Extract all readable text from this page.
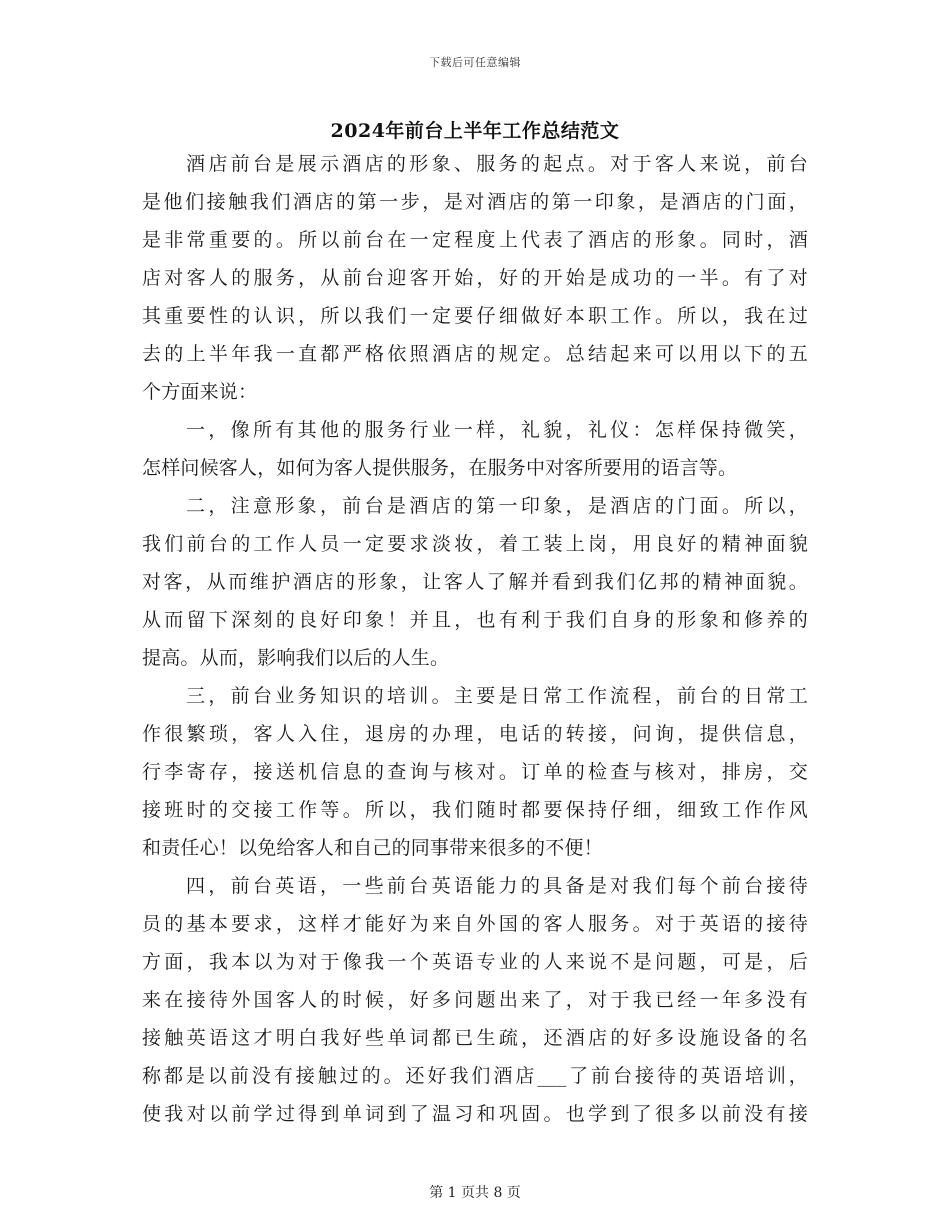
下载后可任意编辑
2024年前台上半年工作总结范文
酒店前台是展示酒店的形象、服务的起点。对于客人来说，前台
是他们接触我们酒店的第一步，是对酒店的第一印象，是酒店的门面，
是非常重要的。所以前台在一定程度上代表了酒店的形象。同时，酒
店对客人的服务，从前台迎客开始，好的开始是成功的一半。有了对
其重要性的认识，所以我们一定要仔细做好本职工作。所以，我在过
去的上半年我一直都严格依照酒店的规定。总结起来可以用以下的五
个方面来说：
一，像所有其他的服务行业一样，礼貌，礼仪：怎样保持微笑，
怎样问候客人，如何为客人提供服务，在服务中对客所要用的语言等。
二，注意形象，前台是酒店的第一印象，是酒店的门面。所以，
我们前台的工作人员一定要求淡妆，着工装上岗，用良好的精神面貌
对客，从而维护酒店的形象，让客人了解并看到我们亿邦的精神面貌。
从而留下深刻的良好印象！并且，也有利于我们自身的形象和修养的
提高。从而，影响我们以后的人生。
三，前台业务知识的培训。主要是日常工作流程，前台的日常工
作很繁琐，客人入住，退房的办理，电话的转接，问询，提供信息，
行李寄存，接送机信息的查询与核对。订单的检查与核对，排房，交
接班时的交接工作等。所以，我们随时都要保持仔细，细致工作作风
和责任心！以免给客人和自己的同事带来很多的不便！
四，前台英语，一些前台英语能力的具备是对我们每个前台接待
员的基本要求，这样才能好为来自外国的客人服务。对于英语的接待
方面，我本以为对于像我一个英语专业的人来说不是问题，可是，后
来在接待外国客人的时候，好多问题出来了，对于我已经一年多没有
接触英语这才明白我好些单词都已生疏，还酒店的好多设施设备的名
称都是以前没有接触过的。还好我们酒店___了前台接待的英语培训，
使我对以前学过得到单词到了温习和巩固。也学到了很多以前没有接
第 1 页共 8 页
